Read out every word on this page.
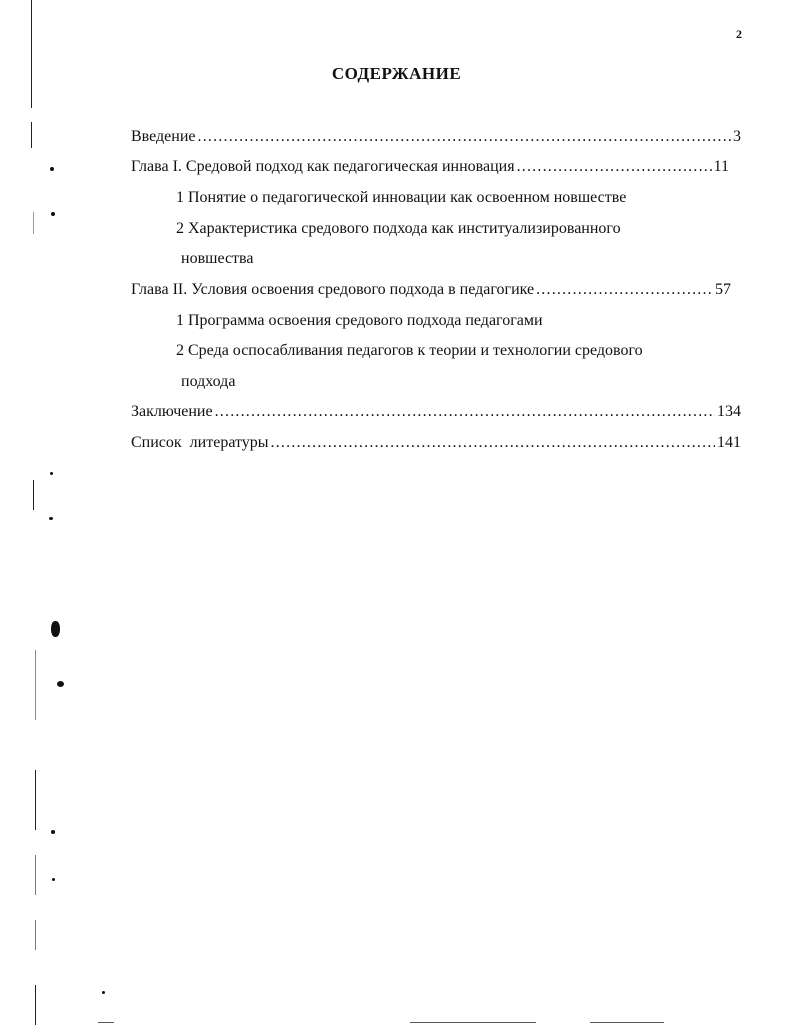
2
СОДЕРЖАНИЕ
Введение .....	3
Глава I. Средовой подход как педагогическая инновация .....	11
1 Понятие о педагогической инновации как освоенном новшестве
2 Характеристика средового подхода как институализированного
новшества
Глава II. Условия освоения средового подхода в педагогике .....	57
1 Программа освоения средового подхода педагогами
2 Среда оспосабливания педагогов к теории и технологии средового
подхода
Заключение .....	134
Список  литературы .....	141
